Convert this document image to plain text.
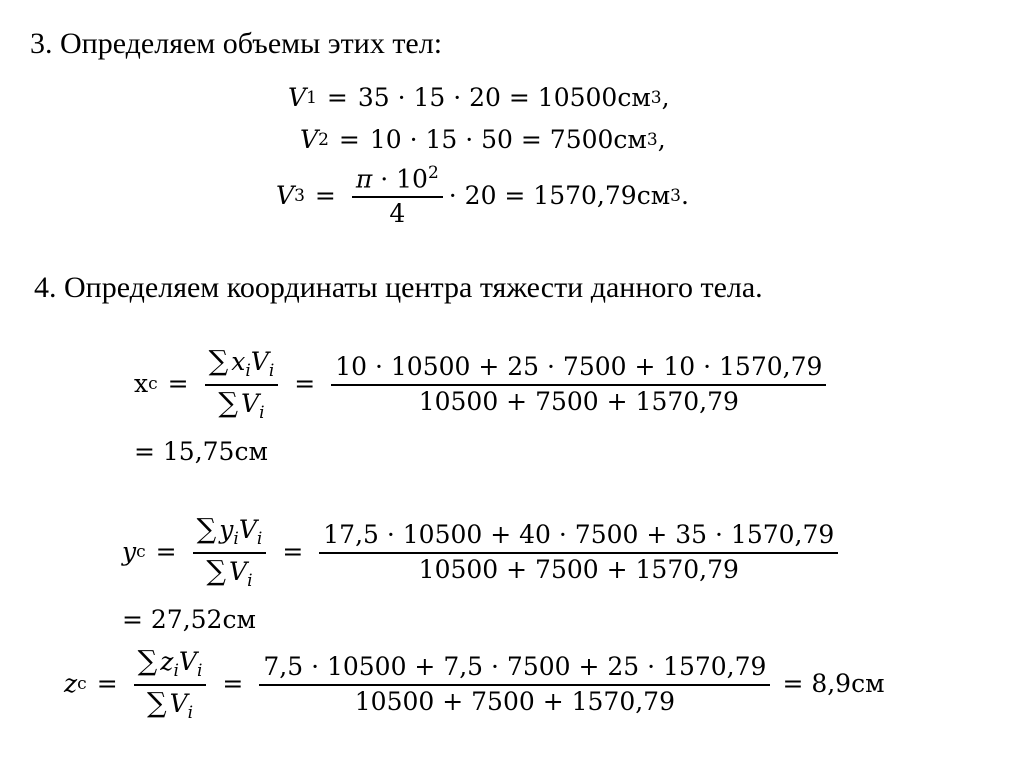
3. Определяем объемы этих тел:
V 1 = 35 · 15 · 20 = 10500см 3 ,
V 2 = 10 · 15 · 50 = 7500см 3 ,
V $3 = \frac{\pi \cdot 10^2}{4} \cdot 20 = 1570,79см$ 3 .
4. Определяем координаты центра тяжести данного тела.
x $c = \frac{\sum x_iV_i}{\sum V_i} = \frac{10 \cdot 10500 + 25 \cdot 7500 + 10 \cdot 1570,79}{10500 + 7500 + 1570,79}$
= 15,75см
y $c = \frac{\sum y_iV_i}{\sum V_i} = \frac{17,5 \cdot 10500 + 40 \cdot 7500 + 35 \cdot 1570,79}{10500 + 7500 + 1570,79}$
= 27,52см
z $c = \frac{\sum z_iV_i}{\sum V_i} = \frac{7,5 \cdot 10500 + 7,5 \cdot 7500 + 25 \cdot 1570,79}{10500 + 7500 + 1570,79} = 8,9см$
